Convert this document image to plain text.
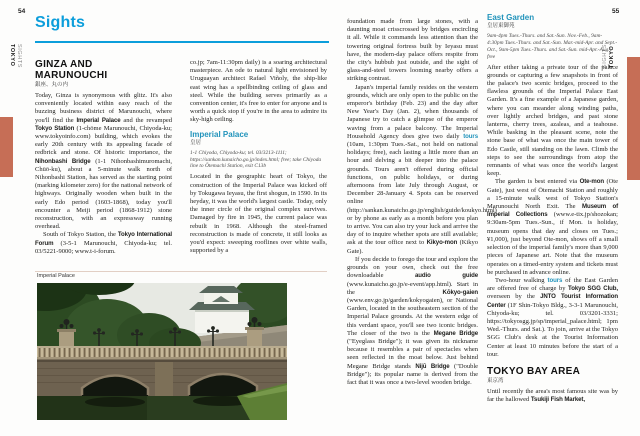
54	55
TOKYO SIGHTS	TOKYO
SIGHTS
Sights
GINZA AND MARUNOUCHI
銀座、丸の内

Today, Ginza is synonymous with glitz. It's also conveniently located within easy reach of the buzzing business district of Marunouchi, where you'll find the Imperial Palace and the revamped Tokyo Station (1-chōme Marunouchi, Chiyoda-ku; www.tokyoinfo.com) building, which evokes the early 20th century with its appealing facade of redbrick and stone. Of historic importance, the Nihonbashi Bridge (1-1 Nihonbashimuromachi, Chūō-ku), about a 5-minute walk north of Nihonbashi Station, has served as the starting point (marking kilometer zero) for the national network of highways. Originally wooden when built in the early Edo period (1603-1868), today you'll encounter a Meiji period (1868-1912) stone reconstruction, with an expressway running overhead.

South of Tokyo Station, the Tokyo International Forum (3-5-1 Marunouchi, Chiyoda-ku; tel. 03/5221-9000; www.t-i-forum.

co.jp; 7am-11:30pm daily) is a soaring architectural masterpiece. An ode to natural light envisioned by Uruguayan architect Rafael Viñoly, the ship-like east wing has a spellbinding ceiling of glass and steel. While the building serves primarily as a convention center, it's free to enter for anyone and is worth a quick stop if you're in the area to admire its sky-high ceiling.

Imperial Palace
皇居
1-1 Chiyoda, Chiyoda-ku; tel. 03/3213-1111; https://sankan.kunaicho.go.jp/index.html; free; take Chiyoda line to Ōtemachi Station, exit C13b

Located in the geographic heart of Tokyo, the construction of the Imperial Palace was kicked off by Tokugawa Ieyasu, the first shogun, in 1590. In its heyday, it was the world's largest castle. Today, only the inner circle of the original complex survives. Damaged by fire in 1945, the current palace was rebuilt in 1968. Although the steel-framed reconstruction is made of concrete, it still looks as you'd expect: sweeping rooflines over white walls, supported by a

Imperial Palace

foundation made from large stones, with a daunting moat crisscrossed by bridges encircling it all. While it commands less attention than the towering original fortress built by Ieyasu must have, the modern-day palace offers respite from the city's hubbub just outside, and the sight of glass-and-steel towers looming nearby offers a striking contrast.

Japan's imperial family resides on the western grounds, which are only open to the public on the emperor's birthday (Feb. 23) and the day after New Year's Day (Jan. 2), when thousands of Japanese try to catch a glimpse of the emperor waving from a palace balcony. The Imperial Household Agency does give two daily tours (10am, 1:30pm Tues.-Sat., not held on national holidays; free), each lasting a little more than an hour and delving a bit deeper into the palace grounds. Tours aren't offered during official functions, on public holidays, or during afternoons from late July through August, or December 28-January 4. Spots can be reserved online (http://sankan.kunaicho.go.jp/english/guide/koukyo.html) or by phone as early as a month before you plan to arrive. You can also try your luck and arrive the day of to inquire whether spots are still available; ask at the tour office next to Kikyo-mon (Kikyo Gate).

If you decide to forego the tour and explore the grounds on your own, check out the free downloadable audio guide (www.kunaicho.go.jp/e-event/app.html). Start in the Kōkyo-gaien (www.env.go.jp/garden/kokyogaien), or National Garden, located in the southeastern section of the Imperial Palace grounds. At the western edge of this verdant space, you'll see two iconic bridges. The closer of the two is the Megane Bridge ("Eyeglass Bridge"); it was given its nickname because it resembles a pair of spectacles when seen reflected in the moat below. Just behind Megane Bridge stands Nijū Bridge ("Double Bridge"); its popular name is derived from the fact that it was once a two-level wooden bridge.

East Garden
皇居東御苑
9am-4pm Tues.-Thurs. and Sat.-Sun. Nov.-Feb., 9am-4:30pm Tues.-Thurs. and Sat.-Sun. Mar.-mid-Apr. and Sept.-Oct., 9am-5pm Tues.-Thurs. and Sat.-Sun. mid-Apr.-Aug.; free

After either taking a private tour of the palace grounds or capturing a few snapshots in front of the palace's two scenic bridges, proceed to the flawless grounds of the Imperial Palace East Garden. It's a fine example of a Japanese garden, where you can meander along winding paths, over lightly arched bridges, and past stone lanterns, cherry trees, azaleas, and a teahouse. While basking in the pleasant scene, note the stone base of what was once the main tower of Edo Castle, still standing on the lawn. Climb the steps to see the surroundings from atop the remnants of what was once the world's largest keep.

The garden is best entered via Ote-mon (Ote Gate), just west of Ōtemachi Station and roughly a 15-minute walk west of Tokyo Station's Marunouchi North Exit. The Museum of Imperial Collections (www.e-tix.jp/shozokan; 9:30am-5pm Tues.-Sun., if Mon. is holiday, museum opens that day and closes on Tues.; ¥1,000), just beyond Ote-mon, shows off a small selection of the imperial family's more than 9,000 pieces of Japanese art. Note that the museum operates on a timed-entry system and tickets must be purchased in advance online.

Two-hour walking tours of the East Garden are offered free of charge by Tokyo SGG Club, overseen by the JNTO Tourist Information Center (1F Shin-Tokyo Bldg., 3-3-1 Marunouchi, Chiyoda-ku; tel. 03/3201-3331; https://tokyosgg.jp/sp/imperial_palace.html; 1pm Wed.-Thurs. and Sat.). To join, arrive at the Tokyo SGG Club's desk at the Tourist Information Center at least 10 minutes before the start of a tour.

TOKYO BAY AREA
東京湾

Until recently the area's most famous site was by far the hallowed Tsukiji Fish Market,
